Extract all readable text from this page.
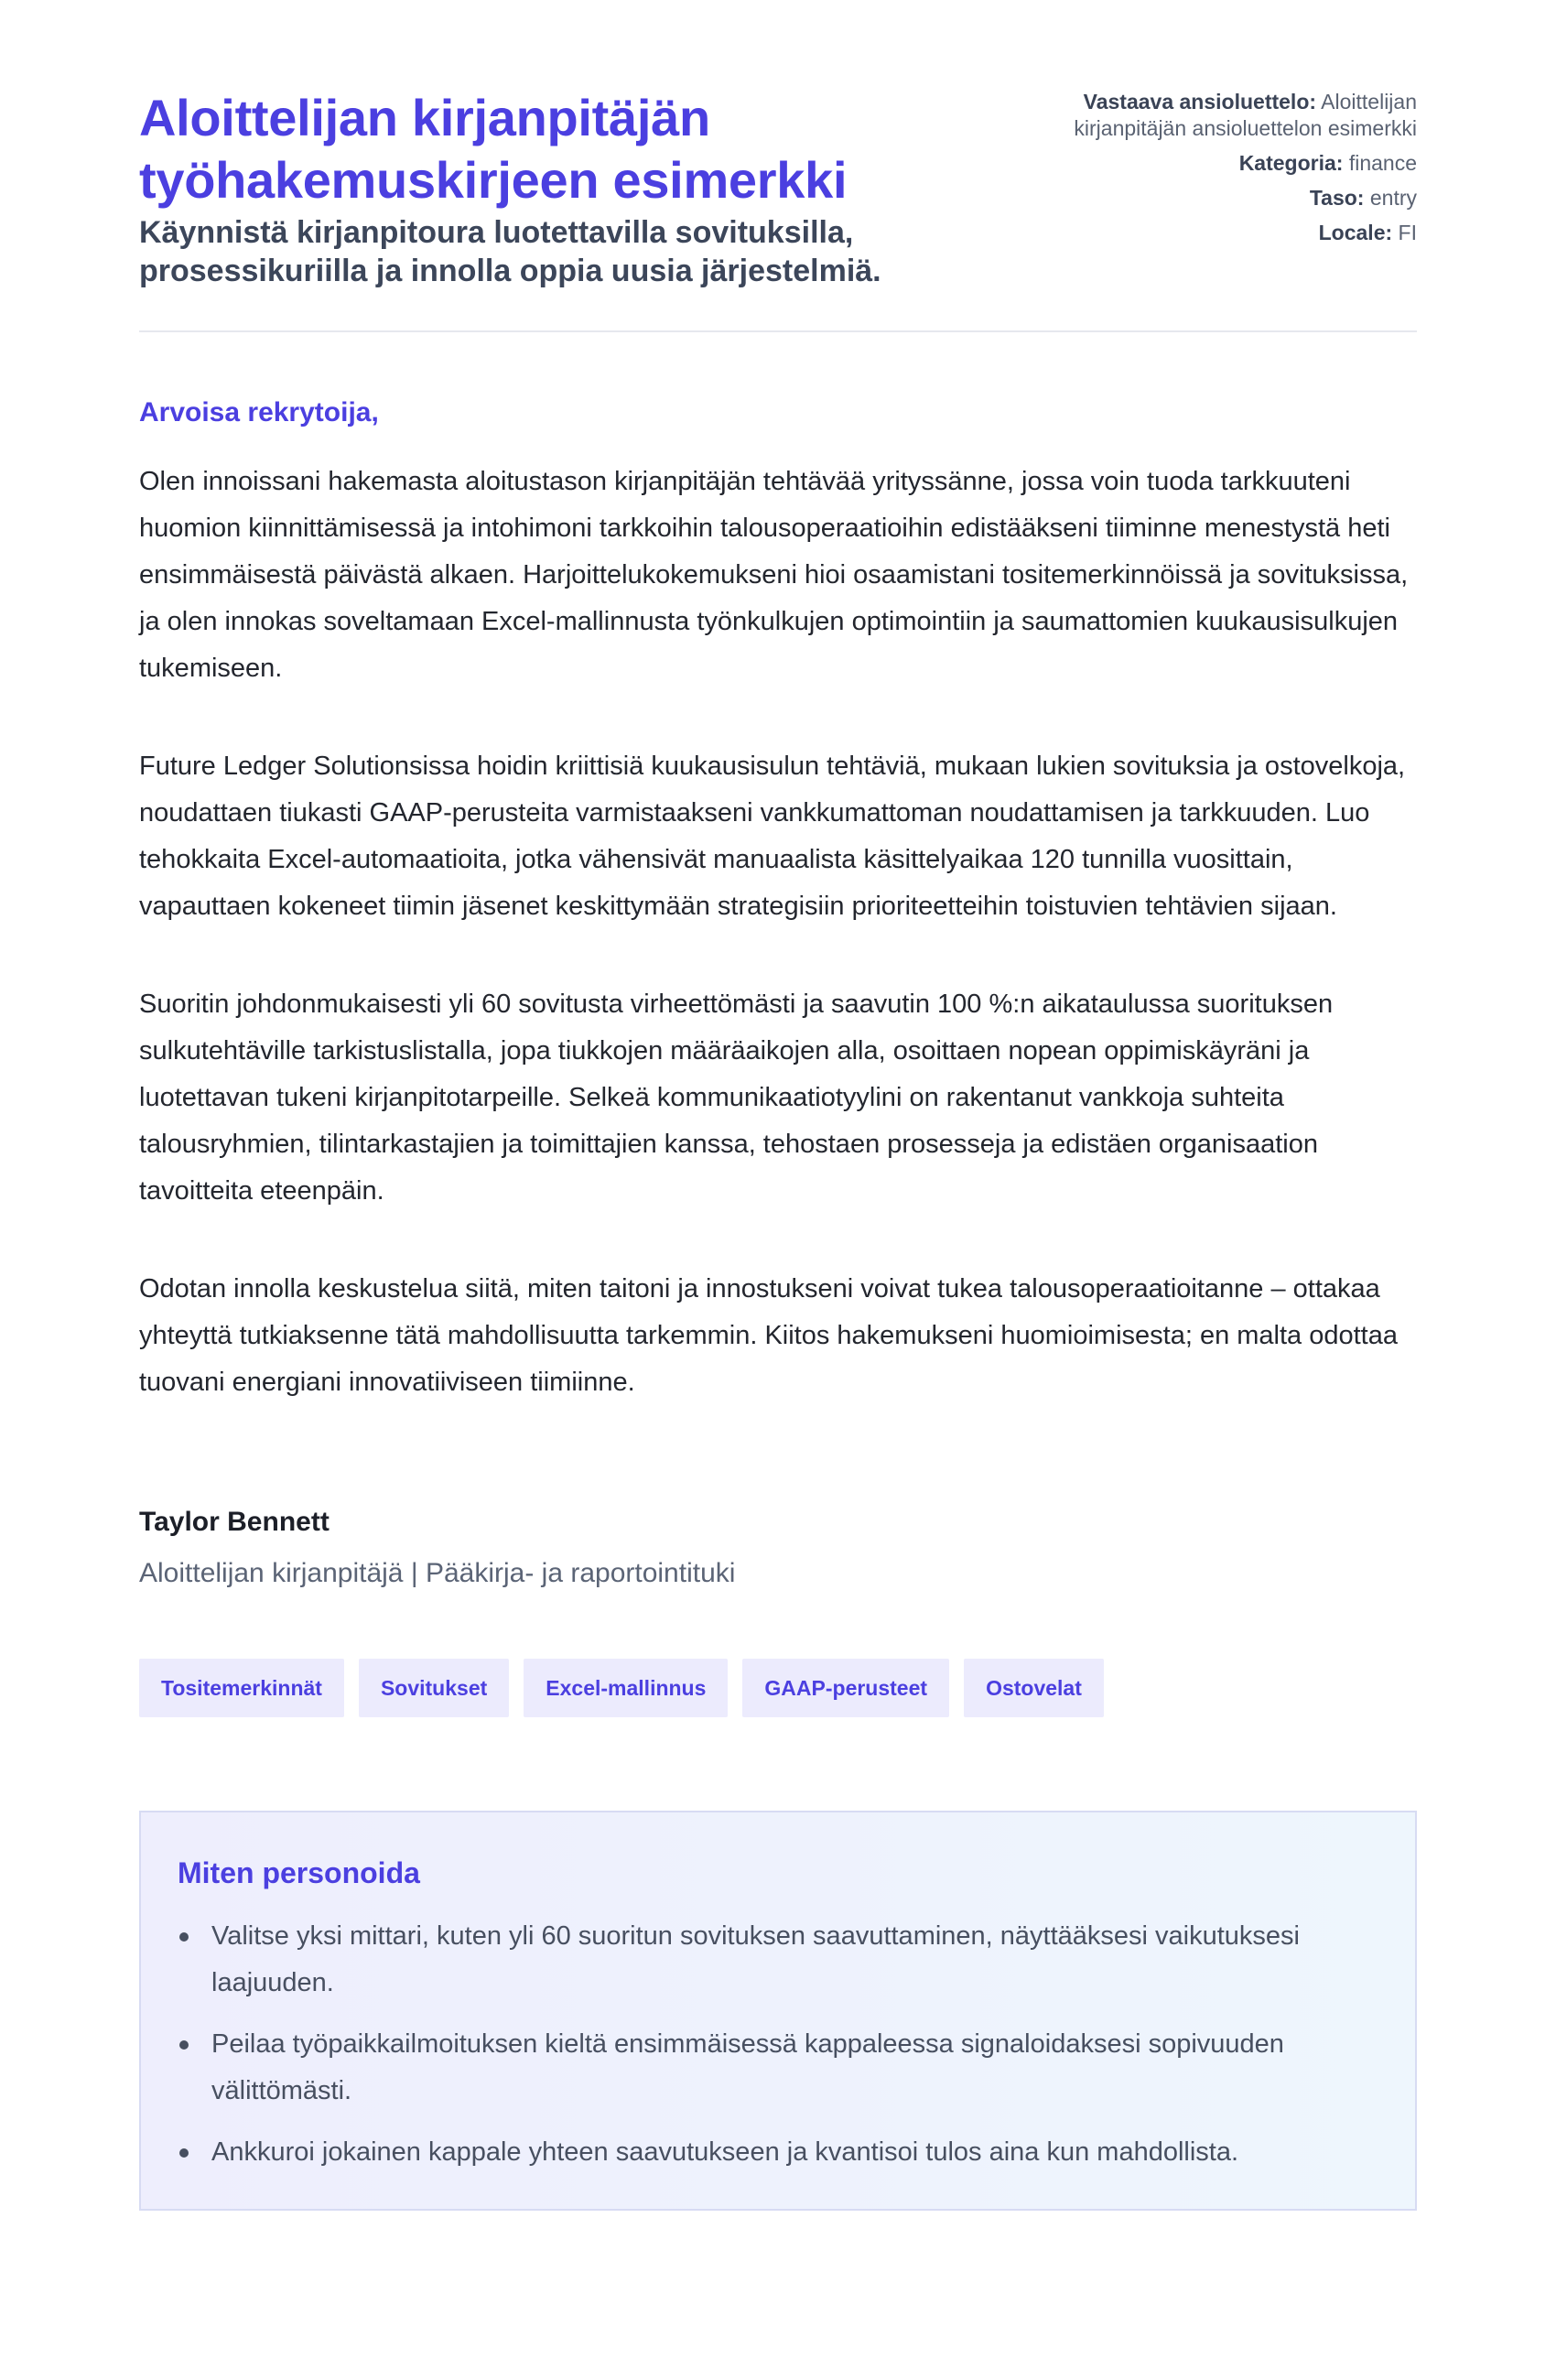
Aloittelijan kirjanpitäjän työhakemuskirjeen esimerkki

Käynnistä kirjanpitoura luotettavilla sovituksilla, prosessikuriilla ja innolla oppia uusia järjestelmiä.

Vastaava ansioluettelo: Aloittelijan kirjanpitäjän ansioluettelon esimerkki
Kategoria: finance
Taso: entry
Locale: FI

Arvoisa rekrytoija,

Olen innoissani hakemasta aloitustason kirjanpitäjän tehtävää yrityssänne, jossa voin tuoda tarkkuuteni huomion kiinnittämisessä ja intohimoni tarkkoihin talousoperaatioihin edistääkseni tiiminne menestystä heti ensimmäisestä päivästä alkaen. Harjoittelukokemukseni hioi osaamistani tositemerkinnöissä ja sovituksissa, ja olen innokas soveltamaan Excel-mallinnusta työnkulkujen optimointiin ja saumattomien kuukausisulkujen tukemiseen.

Future Ledger Solutionsissa hoidin kriittisiä kuukausisulun tehtäviä, mukaan lukien sovituksia ja ostovelkoja, noudattaen tiukasti GAAP-perusteita varmistaakseni vankkumattoman noudattamisen ja tarkkuuden. Luo tehokkaita Excel-automaatioita, jotka vähensivät manuaalista käsittelyaikaa 120 tunnilla vuosittain, vapauttaen kokeneet tiimin jäsenet keskittymään strategisiin prioriteetteihin toistuvien tehtävien sijaan.

Suoritin johdonmukaisesti yli 60 sovitusta virheettömästi ja saavutin 100 %:n aikataulussa suorituksen sulkutehtäville tarkistuslistalla, jopa tiukkojen määräaikojen alla, osoittaen nopean oppimiskäyräni ja luotettavan tukeni kirjanpitotarpeille. Selkeä kommunikaatiotyylini on rakentanut vankkoja suhteita talousryhmien, tilintarkastajien ja toimittajien kanssa, tehostaen prosesseja ja edistäen organisaation tavoitteita eteenpäin.

Odotan innolla keskustelua siitä, miten taitoni ja innostukseni voivat tukea talousoperaatioitanne – ottakaa yhteyttä tutkiaksenne tätä mahdollisuutta tarkemmin. Kiitos hakemukseni huomioimisesta; en malta odottaa tuovani energiani innovatiiviseen tiimiinne.

Taylor Bennett

Aloittelijan kirjanpitäjä | Pääkirja- ja raportointituki

Tositemerkinnät	Sovitukset	Excel-mallinnus	GAAP-perusteet	Ostovelat
Miten personoida
Valitse yksi mittari, kuten yli 60 suoritun sovituksen saavuttaminen, näyttääksesi vaikutuksesi laajuuden.
Peilaa työpaikkailmoituksen kieltä ensimmäisessä kappaleessa signaloidaksesi sopivuuden välittömästi.
Ankkuroi jokainen kappale yhteen saavutukseen ja kvantisoi tulos aina kun mahdollista.
